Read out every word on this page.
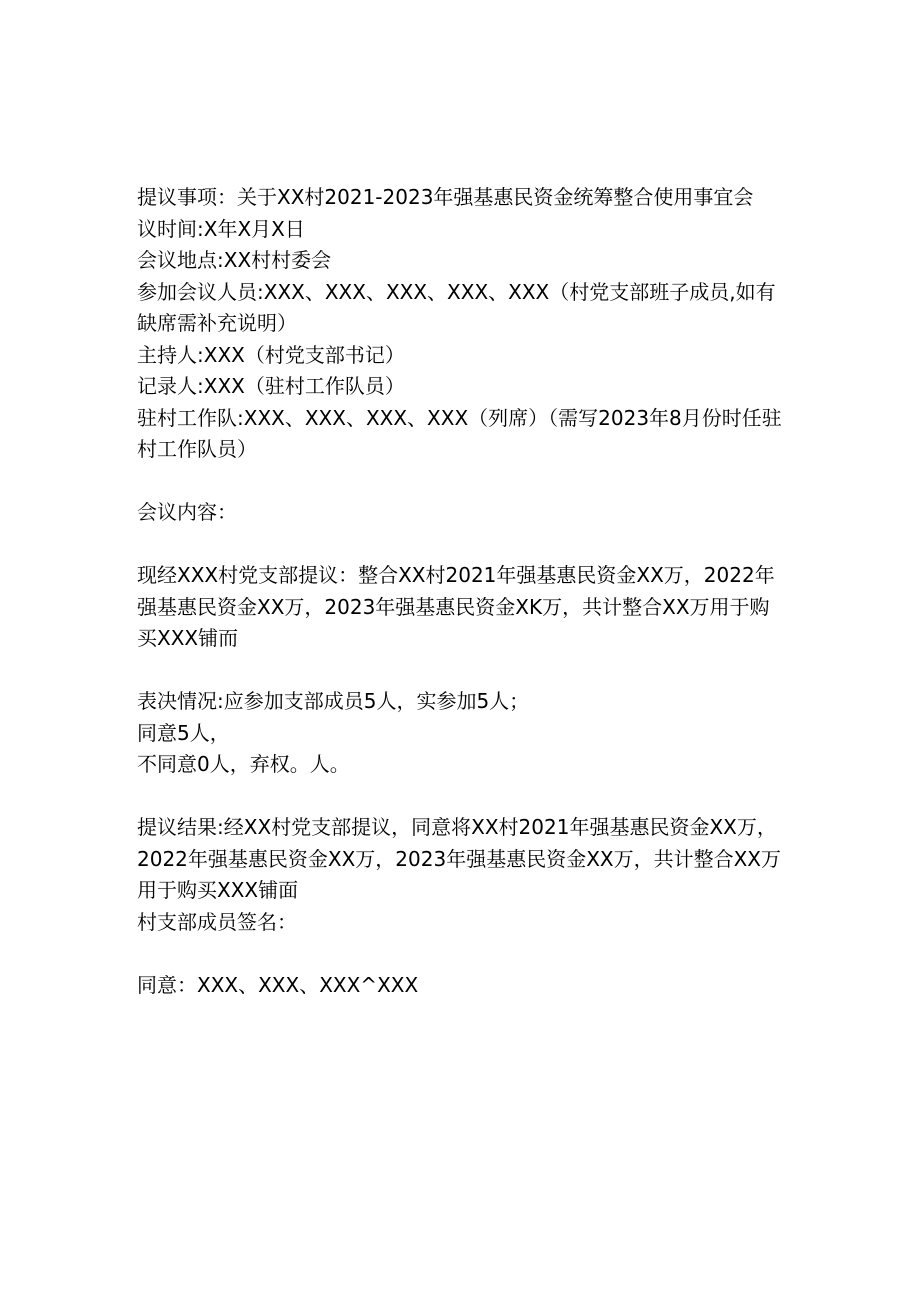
提议事项：关于XX村2021-2023年强基惠民资金统筹整合使用事宜会
议时间:X年X月X日
会议地点:XX村村委会
参加会议人员:XXX、XXX、XXX、XXX、XXX（村党支部班子成员,如有
缺席需补充说明）
主持人:XXX（村党支部书记）
记录人:XXX（驻村工作队员）
驻村工作队:XXX、XXX、XXX、XXX（列席）（需写2023年8月份时任驻
村工作队员）
会议内容：
现经XXX村党支部提议：整合XX村2021年强基惠民资金XX万，2022年
强基惠民资金XX万，2023年强基惠民资金XK万，共计整合XX万用于购
买XXX铺而
表决情况:应参加支部成员5人，实参加5人；
同意5人，
不同意0人，弃权。人。
提议结果:经XX村党支部提议，同意将XX村2021年强基惠民资金XX万，
2022年强基惠民资金XX万，2023年强基惠民资金XX万，共计整合XX万
用于购买XXX铺面
村支部成员签名：
同意：XXX、XXX、XXX^XXX
